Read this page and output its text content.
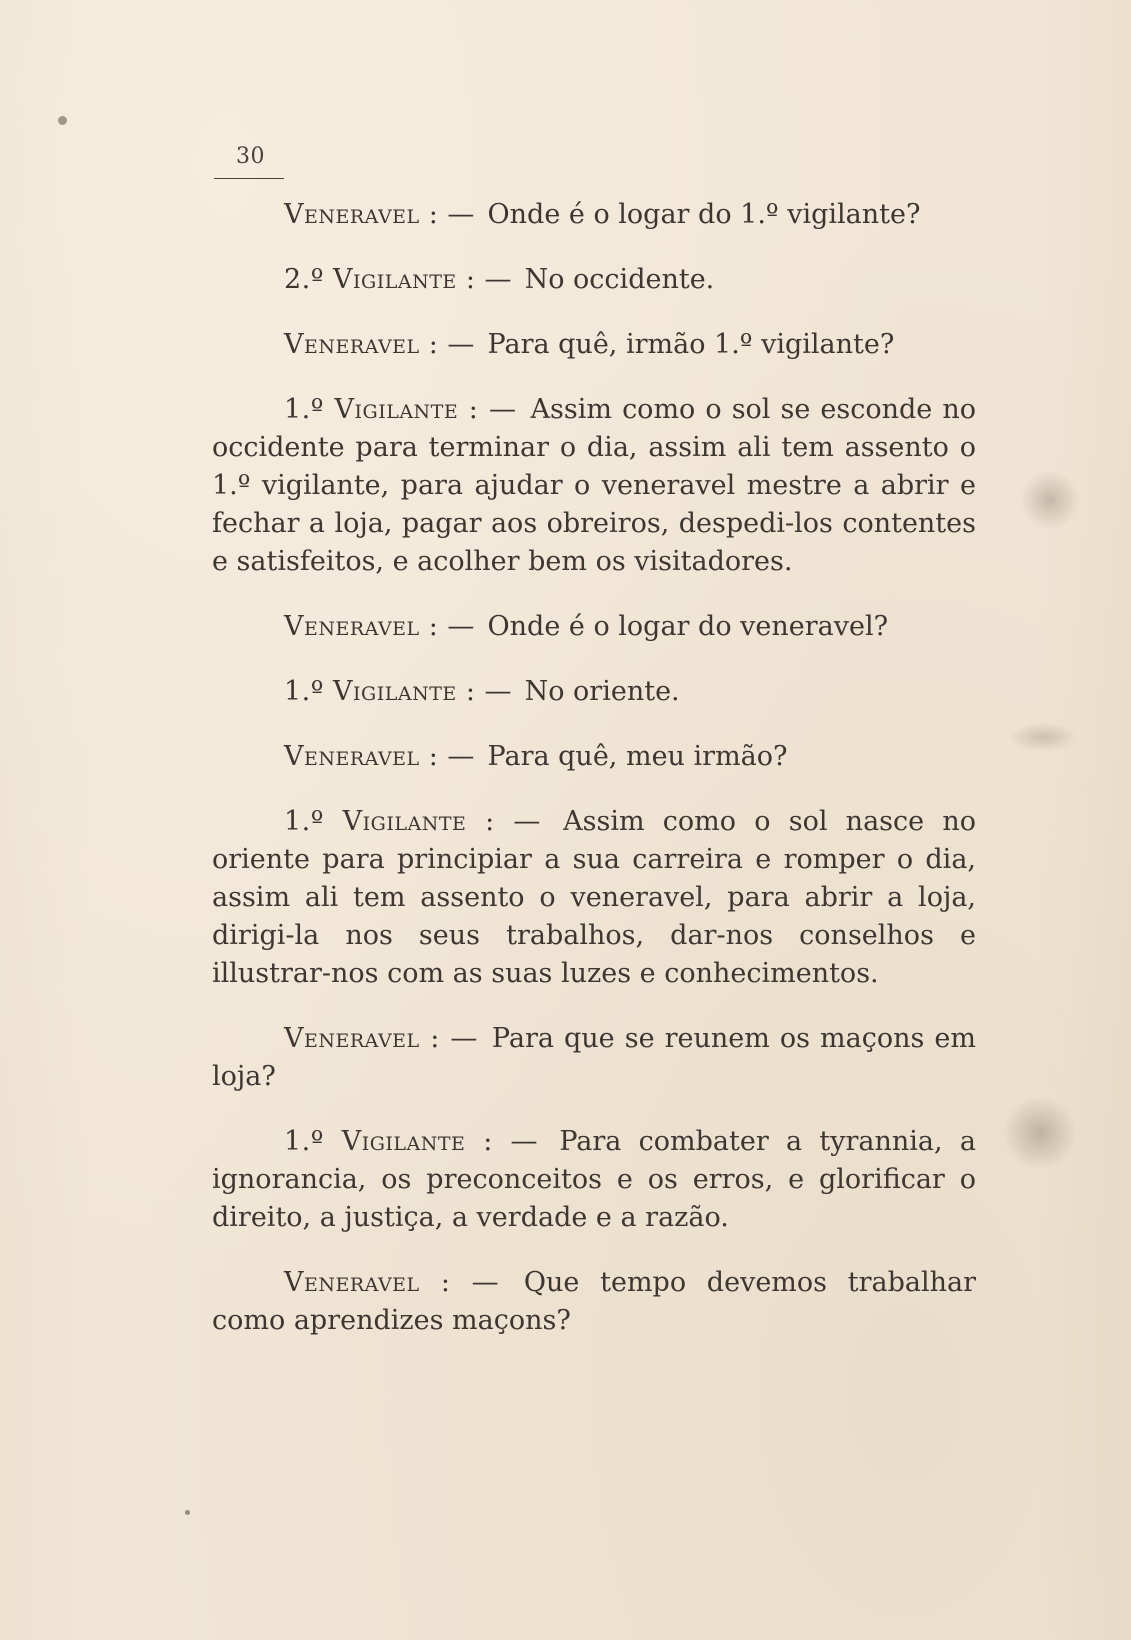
30

Veneravel : — Onde é o logar do 1.º vigilante?

2.º Vigilante : — No occidente.

Veneravel : — Para quê, irmão 1.º vigilante?

1.º Vigilante : — Assim como o sol se esconde no occidente para terminar o dia, assim ali tem assento o 1.º vigilante, para ajudar o veneravel mestre a abrir e fechar a loja, pagar aos obreiros, despedi-los contentes e satisfeitos, e acolher bem os visitadores.

Veneravel : — Onde é o logar do veneravel?

1.º Vigilante : — No oriente.

Veneravel : — Para quê, meu irmão?

1.º Vigilante : — Assim como o sol nasce no oriente para principiar a sua carreira e romper o dia, assim ali tem assento o veneravel, para abrir a loja, dirigi-la nos seus trabalhos, dar-nos conselhos e illustrar-nos com as suas luzes e conhecimentos.

Veneravel : — Para que se reunem os maçons em loja?

1.º Vigilante : — Para combater a tyrannia, a ignorancia, os preconceitos e os erros, e glorificar o direito, a justiça, a verdade e a razão.

Veneravel : — Que tempo devemos trabalhar como aprendizes maçons?
